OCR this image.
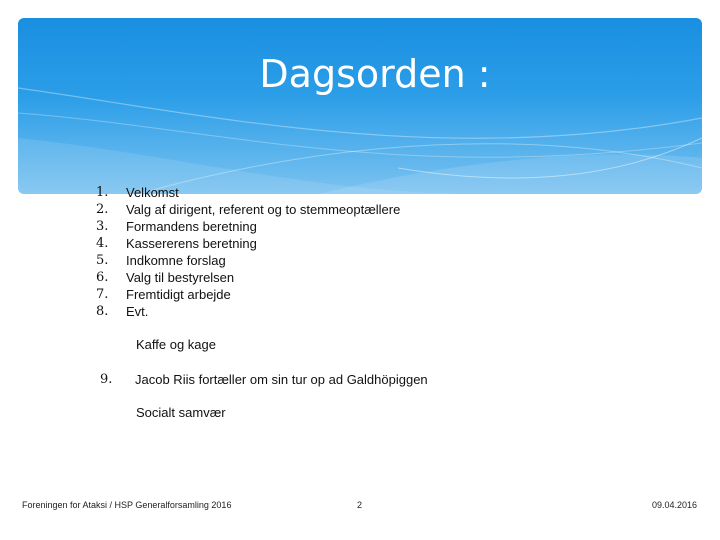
Dagsorden :
1.	Velkomst
2.	Valg af dirigent, referent og to stemmeoptællere
3.	Formandens beretning
4.	Kassererens beretning
5.	Indkomne forslag
6.	Valg til bestyrelsen
7.	Fremtidigt arbejde
8.	Evt.
Kaffe og kage
9. Jacob Riis fortæller om sin tur op ad Galdhöpiggen
Socialt samvær
Foreningen for Ataksi / HSP Generalforsamling 2016	2	09.04.2016
